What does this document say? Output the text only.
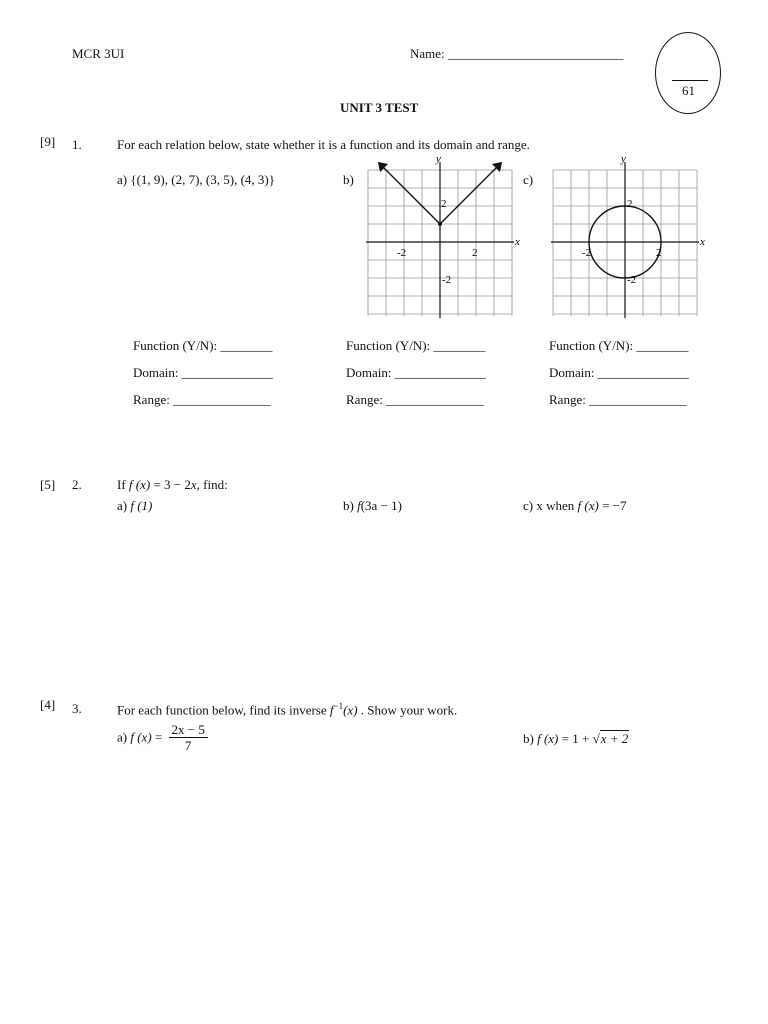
MCR 3UI	Name: ___________________________
61
UNIT 3 TEST
[9] 1.	For each relation below, state whether it is a function and its domain and range.
a) {(1, 9), (2, 7), (3, 5), (4, 3)}	b)	c)
y
x
-2	2
2
-2
y
x
-2	2
2
-2
Function (Y/N): ________
Domain: ______________
Range: _______________
Function (Y/N): ________
Domain: ______________
Range: _______________
Function (Y/N): ________
Domain: ______________
Range: _______________
[5] 2.	If f (x) = 3 − 2x, find:
a) f (1)	b) f(3a − 1)	c) x when f (x) = −7
[4] 3.	For each function below, find its inverse $f^{-1}(x)$ . Show your work.
a) f $(x) = \frac{2x - 5}{7}$	b) f (x) = 1 + √x + 2
